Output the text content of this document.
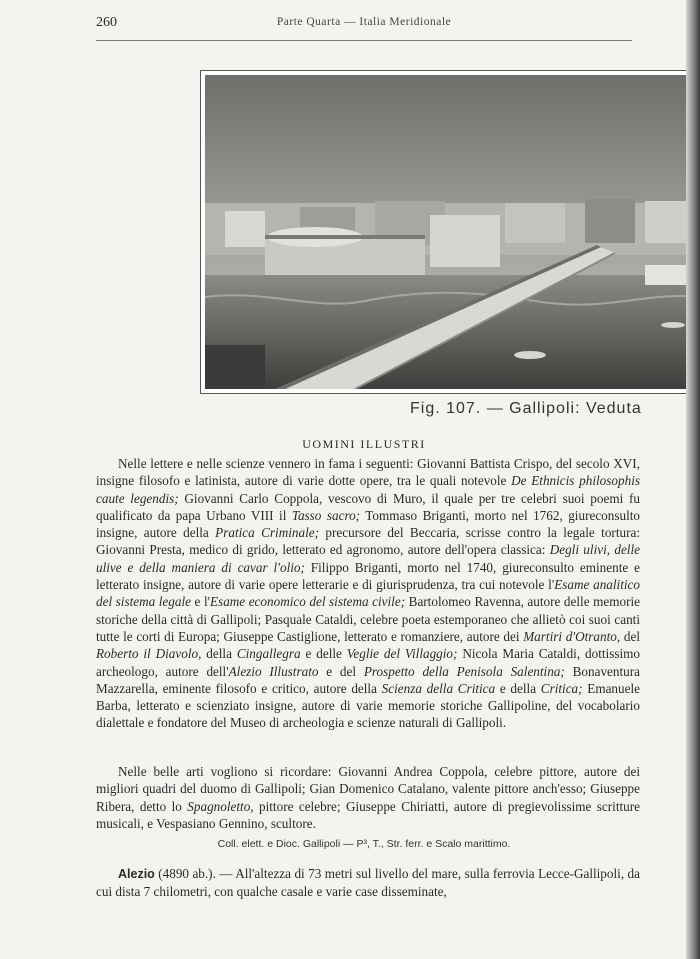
260	Parte Quarta — Italia Meridionale
Fig. 107. — Gallipoli: Veduta
UOMINI ILLUSTRI

Nelle lettere e nelle scienze vennero in fama i seguenti: Giovanni Battista Crispo, del secolo XVI, insigne filosofo e latinista, autore di varie dotte opere, tra le quali notevole De Ethnicis philosophis caute legendis; Giovanni Carlo Coppola, vescovo di Muro, il quale per tre celebri suoi poemi fu qualificato da papa Urbano VIII il Tasso sacro; Tommaso Briganti, morto nel 1762, giureconsulto insigne, autore della Pratica Criminale; precursore del Beccaria, scrisse contro la legale tortura: Giovanni Presta, medico di grido, letterato ed agronomo, autore dell'opera classica: Degli ulivi, delle ulive e della maniera di cavar l'olio; Filippo Briganti, morto nel 1740, giureconsulto eminente e letterato insigne, autore di varie opere letterarie e di giurisprudenza, tra cui notevole l'Esame analitico del sistema legale e l'Esame economico del sistema civile; Bartolomeo Ravenna, autore delle memorie storiche della città di Gallipoli; Pasquale Cataldi, celebre poeta estemporaneo che allietò coi suoi canti tutte le corti di Europa; Giuseppe Castiglione, letterato e romanziere, autore dei Martiri d'Otranto, del Roberto il Diavolo, della Cingallegra e delle Veglie del Villaggio; Nicola Maria Cataldi, dottissimo archeologo, autore dell'Alezio Illustrato e del Prospetto della Penisola Salentina; Bonaventura Mazzarella, eminente filosofo e critico, autore della Scienza della Critica e della Critica; Emanuele Barba, letterato e scienziato insigne, autore di varie memorie storiche Gallipoline, del vocabolario dialettale e fondatore del Museo di archeologia e scienze naturali di Gallipoli.

Nelle belle arti vogliono si ricordare: Giovanni Andrea Coppola, celebre pittore, autore dei migliori quadri del duomo di Gallipoli; Gian Domenico Catalano, valente pittore anch'esso; Giuseppe Ribera, detto lo Spagnoletto, pittore celebre; Giuseppe Chiriatti, autore di pregievolissime scritture musicali, e Vespasiano Gennino, scultore.

Coll. elett. e Dioc. Gallipoli — P³, T., Str. ferr. e Scalo marittimo.

Alezio (4890 ab.). — All'altezza di 73 metri sul livello del mare, sulla ferrovia Lecce-Gallipoli, da cui dista 7 chilometri, con qualche casale e varie case disseminate,
